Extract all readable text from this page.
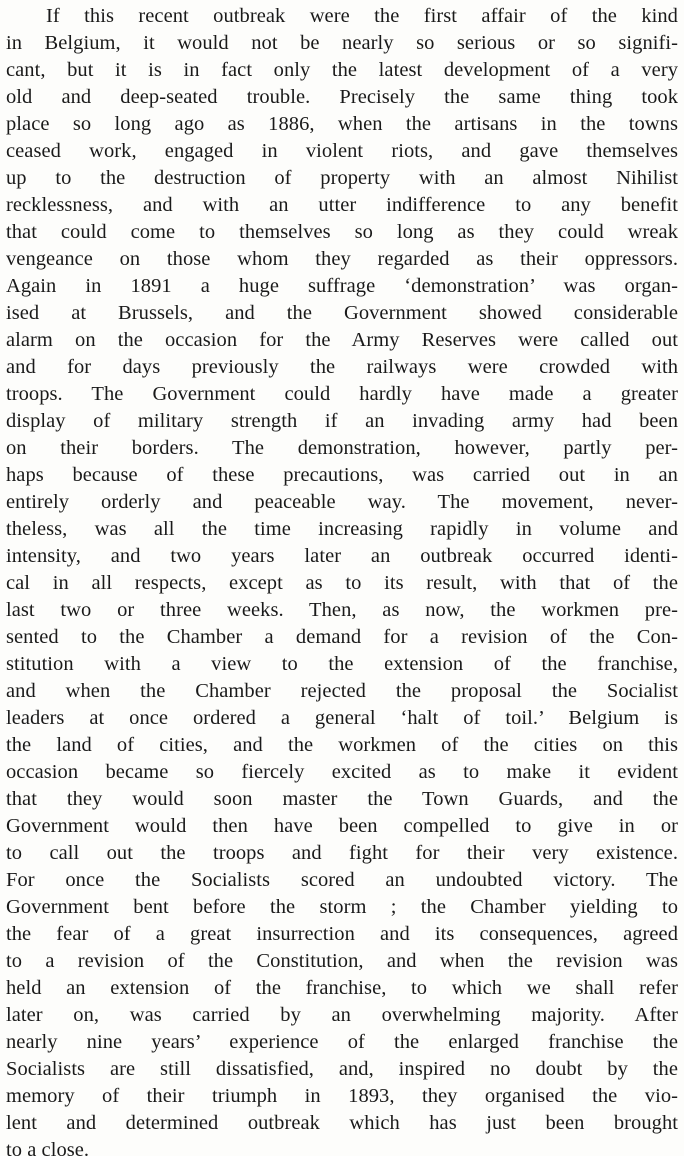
If this recent outbreak were the first affair of the kind
in Belgium, it would not be nearly so serious or so signifi-
cant, but it is in fact only the latest development of a very
old and deep-seated trouble. Precisely the same thing took
place so long ago as 1886, when the artisans in the towns
ceased work, engaged in violent riots, and gave themselves
up to the destruction of property with an almost Nihilist
recklessness, and with an utter indifference to any benefit
that could come to themselves so long as they could wreak
vengeance on those whom they regarded as their oppressors.
Again in 1891 a huge suffrage ‘demonstration’ was organ-
ised at Brussels, and the Government showed considerable
alarm on the occasion for the Army Reserves were called out
and for days previously the railways were crowded with
troops. The Government could hardly have made a greater
display of military strength if an invading army had been
on their borders. The demonstration, however, partly per-
haps because of these precautions, was carried out in an
entirely orderly and peaceable way. The movement, never-
theless, was all the time increasing rapidly in volume and
intensity, and two years later an outbreak occurred identi-
cal in all respects, except as to its result, with that of the
last two or three weeks. Then, as now, the workmen pre-
sented to the Chamber a demand for a revision of the Con-
stitution with a view to the extension of the franchise,
and when the Chamber rejected the proposal the Socialist
leaders at once ordered a general ‘halt of toil.’ Belgium is
the land of cities, and the workmen of the cities on this
occasion became so fiercely excited as to make it evident
that they would soon master the Town Guards, and the
Government would then have been compelled to give in or
to call out the troops and fight for their very existence.
For once the Socialists scored an undoubted victory. The
Government bent before the storm ; the Chamber yielding to
the fear of a great insurrection and its consequences, agreed
to a revision of the Constitution, and when the revision was
held an extension of the franchise, to which we shall refer
later on, was carried by an overwhelming majority. After
nearly nine years’ experience of the enlarged franchise the
Socialists are still dissatisfied, and, inspired no doubt by the
memory of their triumph in 1893, they organised the vio-
lent and determined outbreak which has just been brought
to a close.
